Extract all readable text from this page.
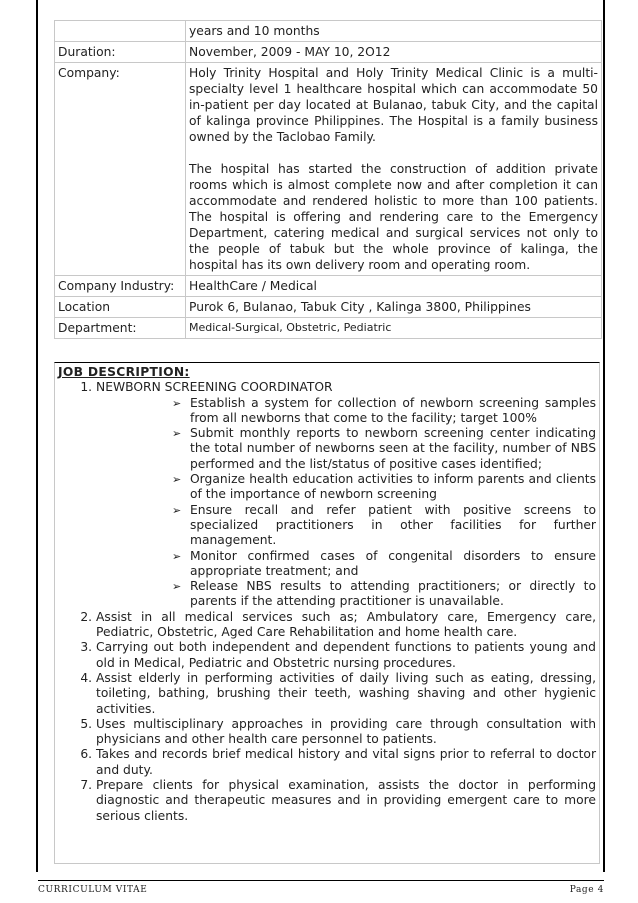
	years and 10 months
Duration:	November, 2009 - MAY 10, 2O12
Company:	Holy Trinity Hospital and Holy Trinity Medical Clinic is a multi-specialty level 1 healthcare hospital which can accommodate 50 in-patient per day located at Bulanao, tabuk City, and the capital of kalinga province Philippines. The Hospital is a family business owned by the Taclobao Family.

The hospital has started the construction of addition private rooms which is almost complete now and after completion it can accommodate and rendered holistic to more than 100 patients. The hospital is offering and rendering care to the Emergency Department, catering medical and surgical services not only to the people of tabuk but the whole province of kalinga, the hospital has its own delivery room and operating room.

Company Industry:	HealthCare / Medical
Location	Purok 6, Bulanao, Tabuk City , Kalinga 3800, Philippines
Department:	Medical-Surgical, Obstetric, Pediatric
JOB DESCRIPTION:
1. NEWBORN SCREENING COORDINATOR
➢ Establish a system for collection of newborn screening samples from all newborns that come to the facility; target 100%
➢ Submit monthly reports to newborn screening center indicating the total number of newborns seen at the facility, number of NBS performed and the list/status of positive cases identified;
➢ Organize health education activities to inform parents and clients of the importance of newborn screening
➢ Ensure recall and refer patient with positive screens to specialized practitioners in other facilities for further management.
➢ Monitor confirmed cases of congenital disorders to ensure appropriate treatment; and
➢ Release NBS results to attending practitioners; or directly to parents if the attending practitioner is unavailable.
2. Assist in all medical services such as; Ambulatory care, Emergency care, Pediatric, Obstetric, Aged Care Rehabilitation and home health care.
3. Carrying out both independent and dependent functions to patients young and old in Medical, Pediatric and Obstetric nursing procedures.
4. Assist elderly in performing activities of daily living such as eating, dressing, toileting, bathing, brushing their teeth, washing shaving and other hygienic activities.
5. Uses multisciplinary approaches in providing care through consultation with physicians and other health care personnel to patients.
6. Takes and records brief medical history and vital signs prior to referral to doctor and duty.
7. Prepare clients for physical examination, assists the doctor in performing diagnostic and therapeutic measures and in providing emergent care to more serious clients.
CURRICULUM VITAE	Page 4
